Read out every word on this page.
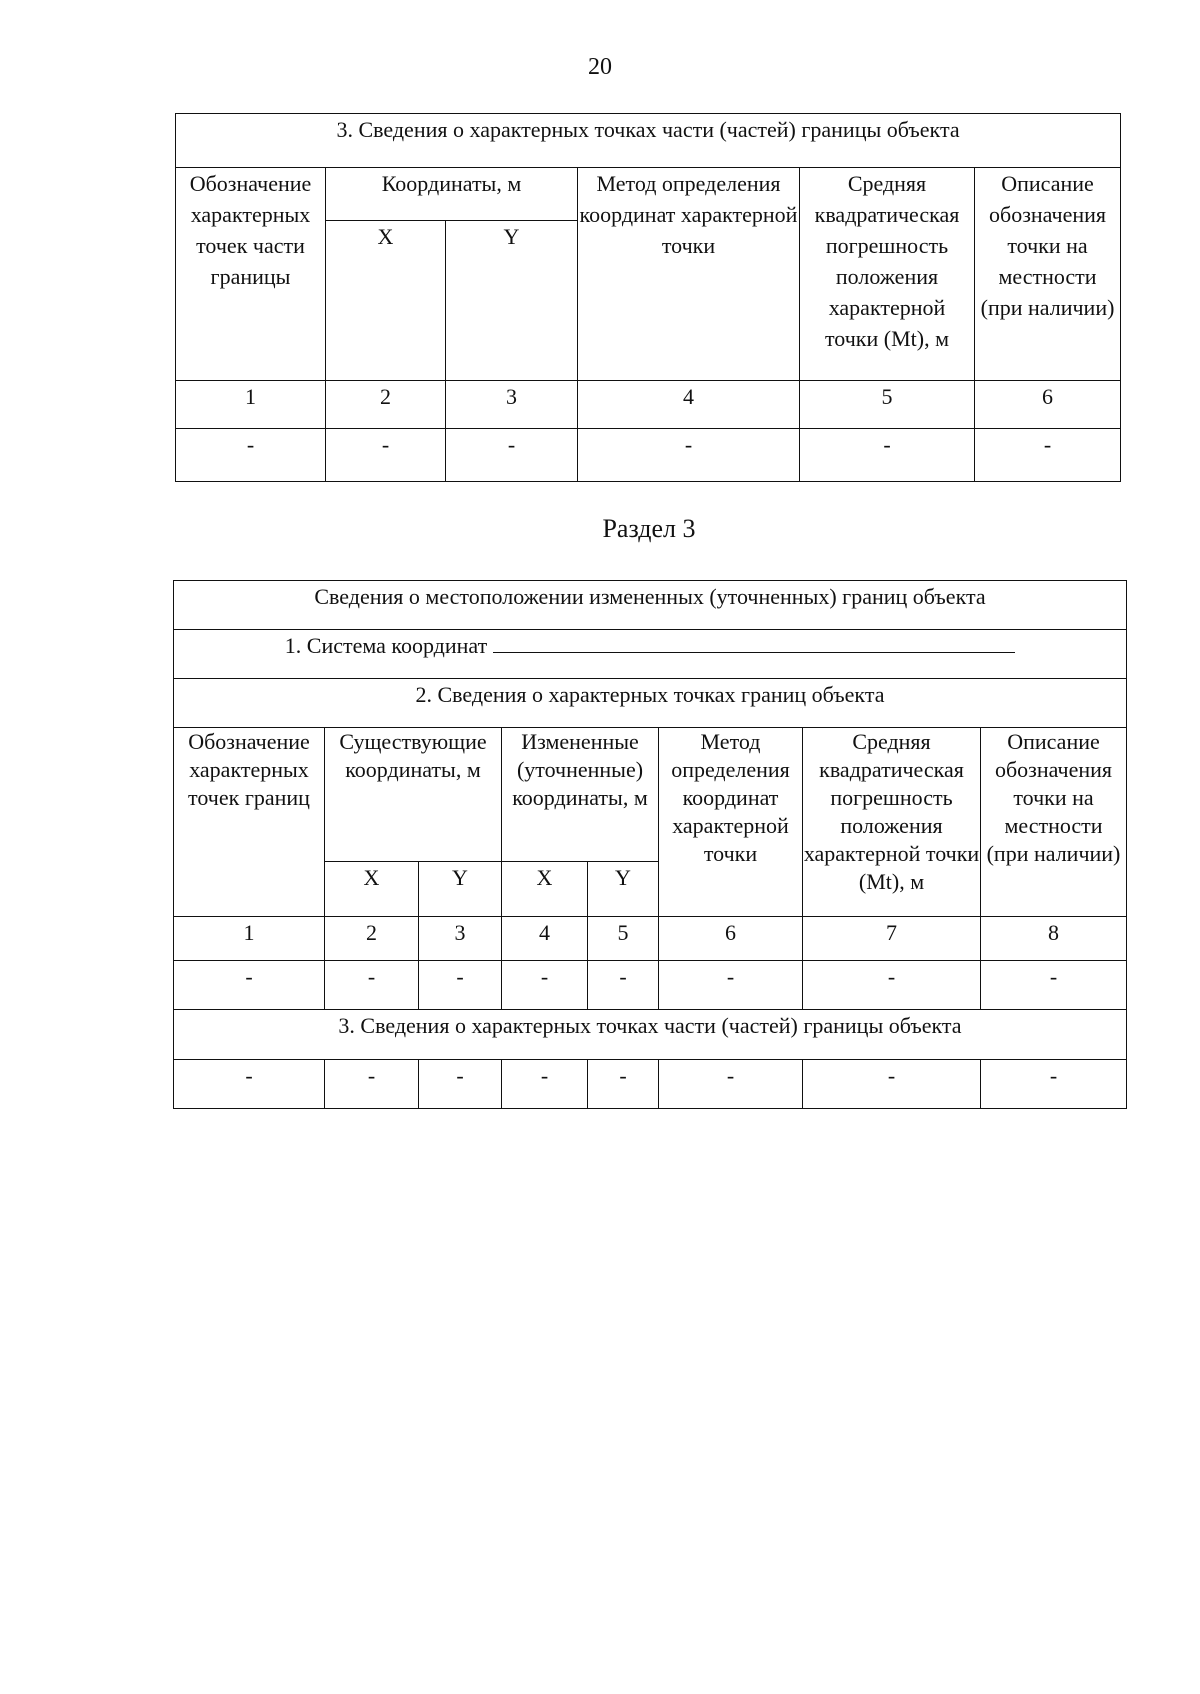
20
3. Сведения о характерных точках части (частей) границы объекта					
Обозначение характерных точек части границы	Координаты, м		Метод определения координат характерной точки	Средняя квадратическая погрешность положения характерной точки (Mt), м	Описание обозначения точки на местности (при наличии)
	X	Y			
1	2	3	4	5	6
-	-	-	-	-	-
Раздел 3
Сведения о местоположении измененных (уточненных) границ объекта							
1. Система координат							
2. Сведения о характерных точках границ объекта							
Обозначение характерных точек границ	Существующие координаты, м		Измененные (уточненные) координаты, м		Метод определения координат характерной точки	Средняя квадратическая погрешность положения характерной точки (Mt), м	Описание обозначения точки на местности (при наличии)
	X	Y	X	Y			
1	2	3	4	5	6	7	8
-	-	-	-	-	-	-	-
3. Сведения о характерных точках части (частей) границы объекта							
-	-	-	-	-	-	-	-
